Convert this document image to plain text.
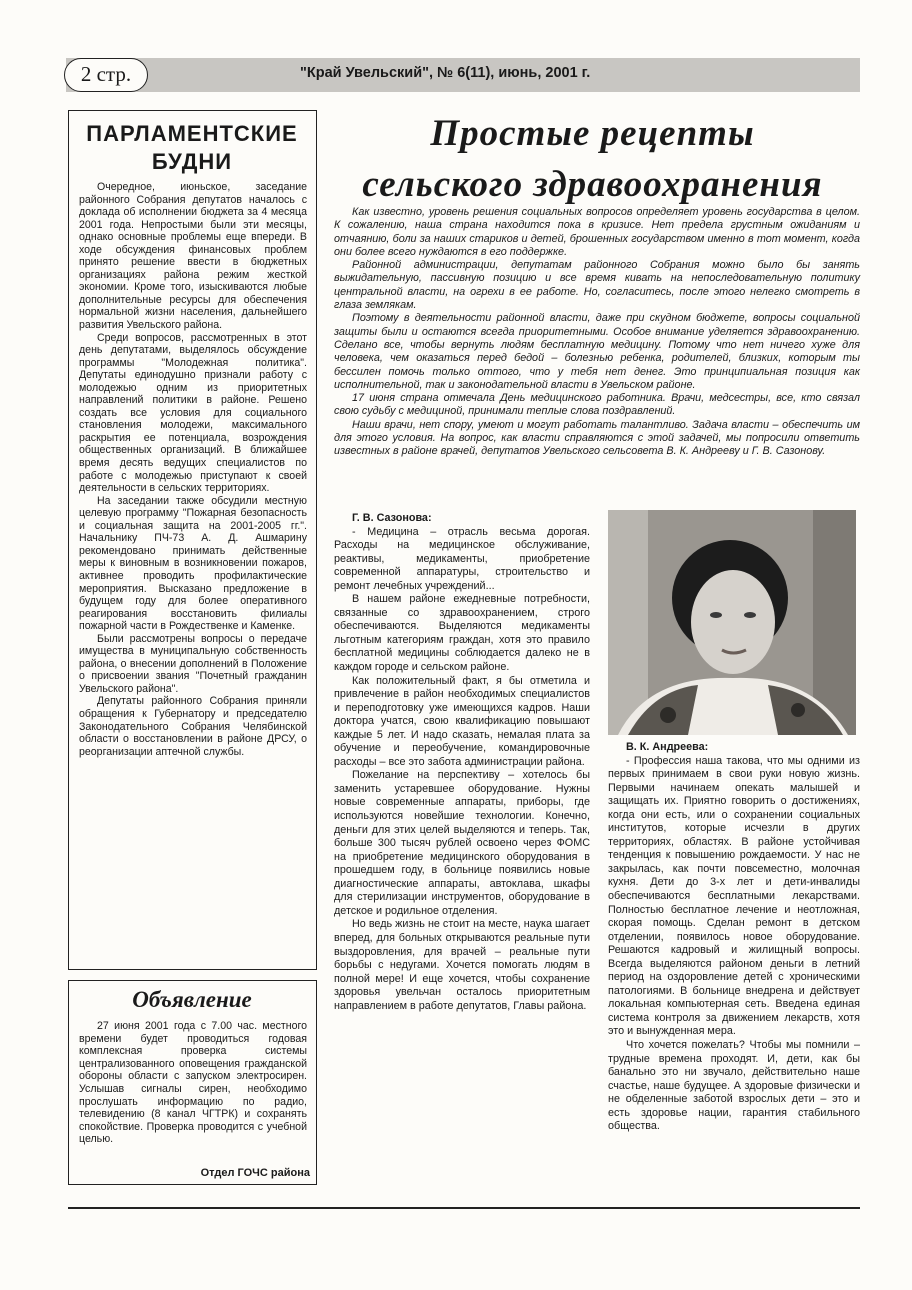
2 стр.	"Край Увельский", № 6(11), июнь, 2001 г.
ПАРЛАМЕНТСКИЕ БУДНИ

Очередное, июньское, заседание районного Собрания депутатов началось с доклада об исполнении бюджета за 4 месяца 2001 года. Непростыми были эти месяцы, однако основные проблемы еще впереди. В ходе обсуждения финансовых проблем принято решение ввести в бюджетных организациях района режим жесткой экономии. Кроме того, изыскиваются любые дополнительные ресурсы для обеспечения нормальной жизни населения, дальнейшего развития Увельского района.

Среди вопросов, рассмотренных в этот день депутатами, выделялось обсуждение программы "Молодежная политика". Депутаты единодушно признали работу с молодежью одним из приоритетных направлений политики в районе. Решено создать все условия для социального становления молодежи, максимального раскрытия ее потенциала, возрождения общественных организаций. В ближайшее время десять ведущих специалистов по работе с молодежью приступают к своей деятельности в сельских территориях.

На заседании также обсудили местную целевую программу "Пожарная безопасность и социальная защита на 2001-2005 гг.". Начальнику ПЧ-73 А. Д. Ашмарину рекомендовано принимать действенные меры к виновным в возникновении пожаров, активнее проводить профилактические мероприятия. Высказано предложение в будущем году для более оперативного реагирования восстановить филиалы пожарной части в Рождественке и Каменке.

Были рассмотрены вопросы о передаче имущества в муниципальную собственность района, о внесении дополнений в Положение о присвоении звания "Почетный гражданин Увельского района".

Депутаты районного Собрания приняли обращения к Губернатору и председателю Законодательного Собрания Челябинской области о восстановлении в районе ДРСУ, о реорганизации аптечной службы.

Объявление

27 июня 2001 года с 7.00 час. местного времени будет проводиться годовая комплексная проверка системы централизованного оповещения гражданской обороны области с запуском электросирен. Услышав сигналы сирен, необходимо прослушать информацию по радио, телевидению (8 канал ЧГТРК) и сохранять спокойствие. Проверка проводится с учебной целью.

Отдел ГОЧС района
Простые рецепты
сельского здравоохранения

Как известно, уровень решения социальных вопросов определяет уровень государства в целом. К сожалению, наша страна находится пока в кризисе. Нет предела грустным ожиданиям и отчаянию, боли за наших стариков и детей, брошенных государством именно в тот момент, когда они более всего нуждаются в его поддержке.

Районной администрации, депутатам районного Собрания можно было бы занять выжидательную, пассивную позицию и все время кивать на непоследовательную политику центральной власти, на огрехи в ее работе. Но, согласитесь, после этого нелегко смотреть в глаза землякам.

Поэтому в деятельности районной власти, даже при скудном бюджете, вопросы социальной защиты были и остаются всегда приоритетными. Особое внимание уделяется здравоохранению. Сделано все, чтобы вернуть людям бесплатную медицину. Потому что нет ничего хуже для человека, чем оказаться перед бедой – болезнью ребенка, родителей, близких, которым ты бессилен помочь только оттого, что у тебя нет денег. Это принципиальная позиция как исполнительной, так и законодательной власти в Увельском районе.

17 июня страна отмечала День медицинского работника. Врачи, медсестры, все, кто связал свою судьбу с медициной, принимали теплые слова поздравлений.

Наши врачи, нет спору, умеют и могут работать талантливо. Задача власти – обеспечить им для этого условия. На вопрос, как власти справляются с этой задачей, мы попросили ответить известных в районе врачей, депутатов Увельского сельсовета В. К. Андрееву и Г. В. Сазонову.

Г. В. Сазонова:

- Медицина – отрасль весьма дорогая. Расходы на медицинское обслуживание, реактивы, медикаменты, приобретение современной аппаратуры, строительство и ремонт лечебных учреждений...

В нашем районе ежедневные потребности, связанные со здравоохранением, строго обеспечиваются. Выделяются медикаменты льготным категориям граждан, хотя это правило бесплатной медицины соблюдается далеко не в каждом городе и сельском районе.

Как положительный факт, я бы отметила и привлечение в район необходимых специалистов и переподготовку уже имеющихся кадров. Наши доктора учатся, свою квалификацию повышают каждые 5 лет. И надо сказать, немалая плата за обучение и переобучение, командировочные расходы – все это забота администрации района.

Пожелание на перспективу – хотелось бы заменить устаревшее оборудование. Нужны новые современные аппараты, приборы, где используются новейшие технологии. Конечно, деньги для этих целей выделяются и теперь. Так, больше 300 тысяч рублей освоено через ФОМС на приобретение медицинского оборудования в прошедшем году, в больнице появились новые диагностические аппараты, автоклава, шкафы для стерилизации инструментов, оборудование в детское и родильное отделения.

Но ведь жизнь не стоит на месте, наука шагает вперед, для больных открываются реальные пути выздоровления, для врачей – реальные пути борьбы с недугами. Хочется помогать людям в полной мере! И еще хочется, чтобы сохранение здоровья увельчан осталось приоритетным направлением в работе депутатов, Главы района.

В. К. Андреева:

- Профессия наша такова, что мы одними из первых принимаем в свои руки новую жизнь. Первыми начинаем опекать малышей и защищать их. Приятно говорить о достижениях, когда они есть, или о сохранении социальных институтов, которые исчезли в других территориях, областях. В районе устойчивая тенденция к повышению рождаемости. У нас не закрылась, как почти повсеместно, молочная кухня. Дети до 3-х лет и дети-инвалиды обеспечиваются бесплатными лекарствами. Полностью бесплатное лечение и неотложная, скорая помощь. Сделан ремонт в детском отделении, появилось новое оборудование. Решаются кадровый и жилищный вопросы. Всегда выделяются районом деньги в летний период на оздоровление детей с хроническими патологиями. В больнице внедрена и действует локальная компьютерная сеть. Введена единая система контроля за движением лекарств, хотя это и вынужденная мера.

Что хочется пожелать? Чтобы мы помнили – трудные времена проходят. И, дети, как бы банально это ни звучало, действительно наше счастье, наше будущее. А здоровые физически и не обделенные заботой взрослых дети – это и есть здоровье нации, гарантия стабильного общества.
